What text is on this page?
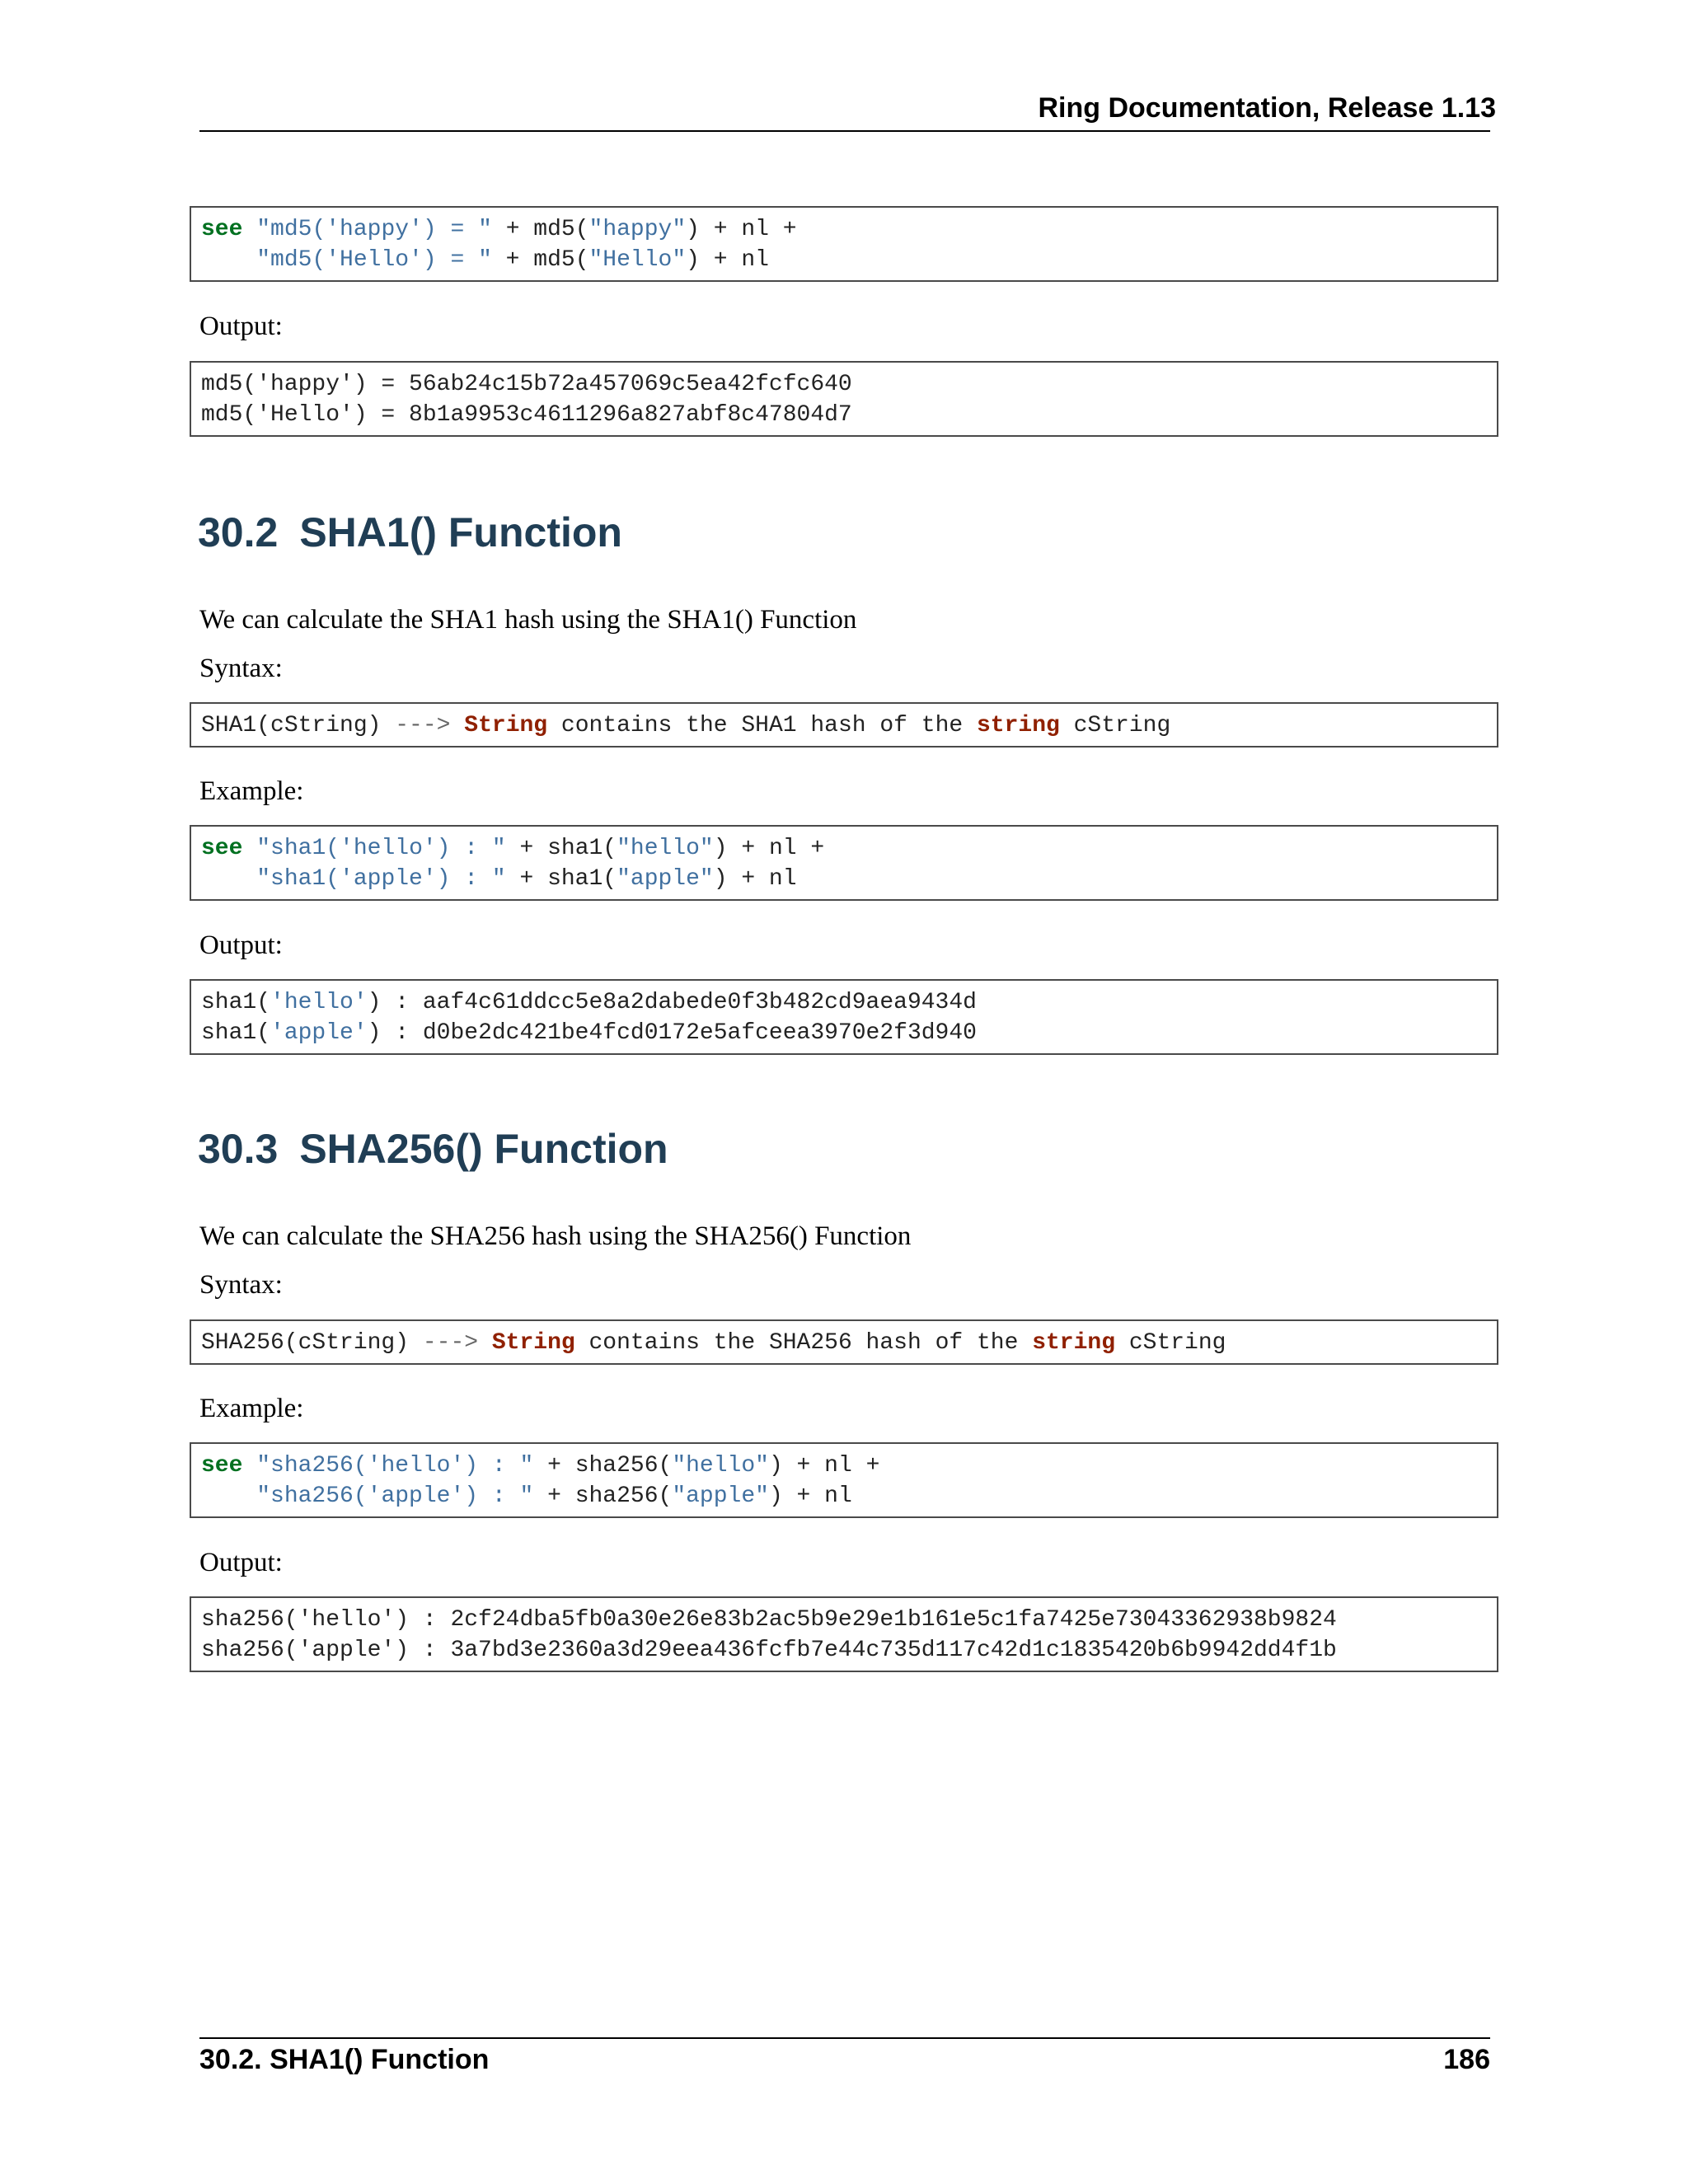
Ring Documentation, Release 1.13
see "md5('happy') = " + md5("happy") + nl +
"md5('Hello') = " + md5("Hello") + nl
Output:
md5('happy') = 56ab24c15b72a457069c5ea42fcfc640
md5('Hello') = 8b1a9953c4611296a827abf8c47804d7
30.2 SHA1() Function
We can calculate the SHA1 hash using the SHA1() Function
Syntax:
SHA1(cString) ---> String contains the SHA1 hash of the string cString
Example:
see "sha1('hello') : " + sha1("hello") + nl +
"sha1('apple') : " + sha1("apple") + nl
Output:
sha1('hello') : aaf4c61ddcc5e8a2dabede0f3b482cd9aea9434d
sha1('apple') : d0be2dc421be4fcd0172e5afceea3970e2f3d940
30.3 SHA256() Function
We can calculate the SHA256 hash using the SHA256() Function
Syntax:
SHA256(cString) ---> String contains the SHA256 hash of the string cString
Example:
see "sha256('hello') : " + sha256("hello") + nl +
"sha256('apple') : " + sha256("apple") + nl
Output:
sha256('hello') : 2cf24dba5fb0a30e26e83b2ac5b9e29e1b161e5c1fa7425e73043362938b9824
sha256('apple') : 3a7bd3e2360a3d29eea436fcfb7e44c735d117c42d1c1835420b6b9942dd4f1b
30.2. SHA1() Function	186
